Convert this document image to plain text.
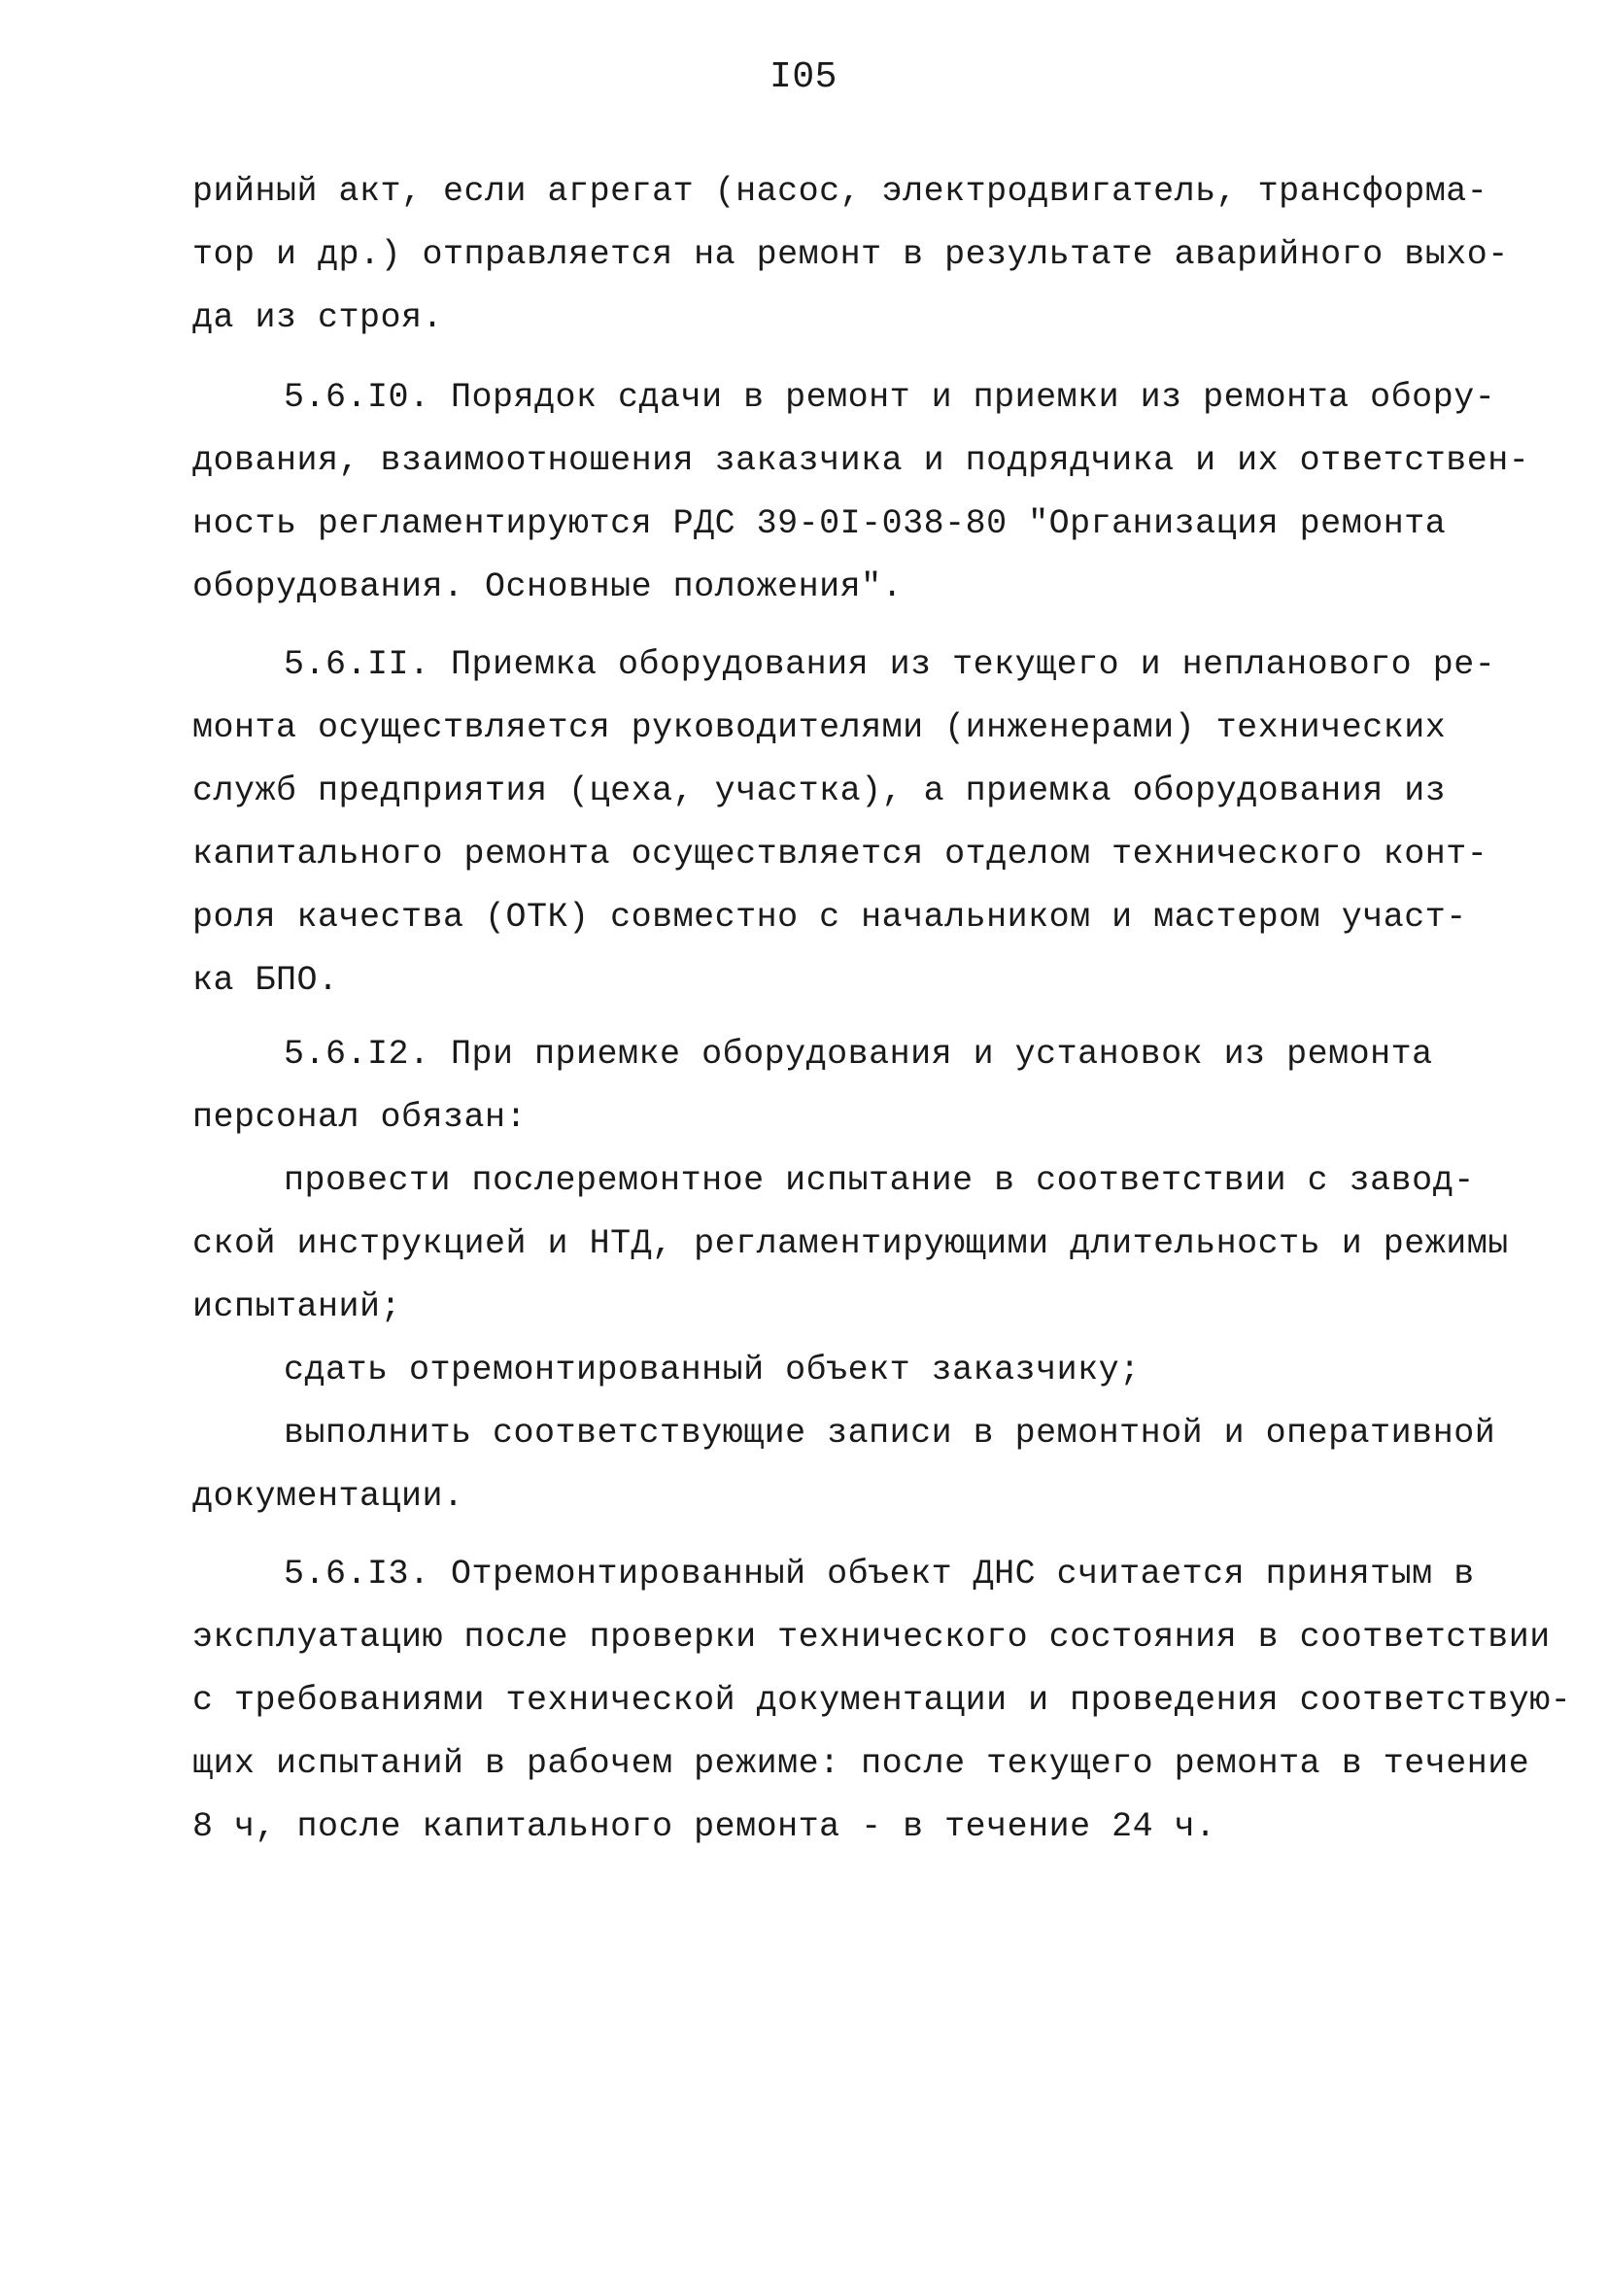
I05
рийный акт, если агрегат (насос, электродвигатель, трансформа-
тор и др.) отправляется на ремонт в результате аварийного выхо-
да из строя.
5.6.I0. Порядок сдачи в ремонт и приемки из ремонта обору-
дования, взаимоотношения заказчика и подрядчика и их ответствен-
ность регламентируются РДС 39-0I-038-80 "Организация ремонта
оборудования. Основные положения".
5.6.II. Приемка оборудования из текущего и непланового ре-
монта осуществляется руководителями (инженерами) технических
служб предприятия (цеха, участка), а приемка оборудования из
капитального ремонта осуществляется отделом технического конт-
роля качества (ОТК) совместно с начальником и мастером участ-
ка БПО.
5.6.I2. При приемке оборудования и установок из ремонта
персонал обязан:
провести послеремонтное испытание в соответствии с завод-
ской инструкцией и НТД, регламентирующими длительность и режимы
испытаний;
сдать отремонтированный объект заказчику;
выполнить соответствующие записи в ремонтной и оперативной
документации.
5.6.I3. Отремонтированный объект ДНС считается принятым в
эксплуатацию после проверки технического состояния в соответствии
с требованиями технической документации и проведения соответствую-
щих испытаний в рабочем режиме: после текущего ремонта в течение
8 ч, после капитального ремонта - в течение 24 ч.
